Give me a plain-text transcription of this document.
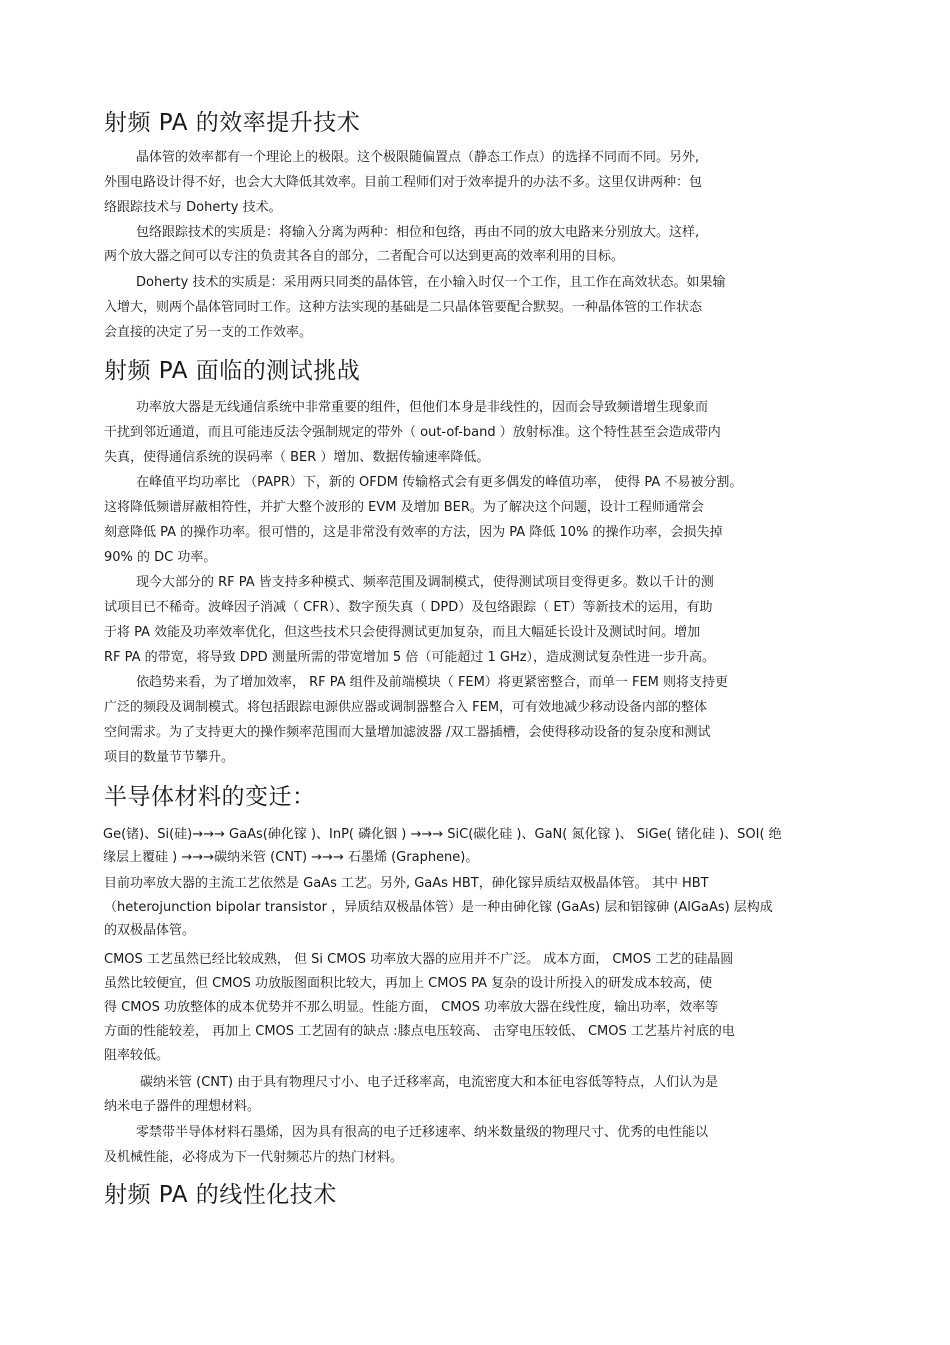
射频 PA 的效率提升技术

晶体管的效率都有一个理论上的极限。这个极限随偏置点（静态工作点）的选择不同而不同。另外,

外围电路设计得不好，也会大大降低其效率。目前工程师们对于效率提升的办法不多。这里仅讲两种：包

络跟踪技术与 Doherty 技术。

包络跟踪技术的实质是：将输入分离为两种：相位和包络，再由不同的放大电路来分别放大。这样,

两个放大器之间可以专注的负责其各自的部分，二者配合可以达到更高的效率利用的目标。

Doherty 技术的实质是：采用两只同类的晶体管，在小输入时仅一个工作，且工作在高效状态。如果输

入增大，则两个晶体管同时工作。这种方法实现的基础是二只晶体管要配合默契。一种晶体管的工作状态

会直接的决定了另一支的工作效率。

射频 PA 面临的测试挑战

功率放大器是无线通信系统中非常重要的组件，但他们本身是非线性的，因而会导致频谱增生现象而

干扰到邻近通道，而且可能违反法令强制规定的带外（ out-of-band ）放射标准。这个特性甚至会造成带内

失真，使得通信系统的误码率（ BER ）增加、数据传输速率降低。

在峰值平均功率比 （PAPR）下，新的 OFDM 传输格式会有更多偶发的峰值功率， 使得 PA 不易被分割。

这将降低频谱屏蔽相符性，并扩大整个波形的 EVM 及增加 BER。为了解决这个问题，设计工程师通常会

刻意降低 PA 的操作功率。很可惜的，这是非常没有效率的方法，因为 PA 降低 10% 的操作功率，会损失掉

90% 的 DC 功率。

现今大部分的 RF PA 皆支持多种模式、频率范围及调制模式，使得测试项目变得更多。数以千计的测

试项目已不稀奇。波峰因子消减（ CFR）、数字预失真（ DPD）及包络跟踪（ ET）等新技术的运用，有助

于将 PA 效能及功率效率优化，但这些技术只会使得测试更加复杂，而且大幅延长设计及测试时间。增加

RF PA 的带宽，将导致 DPD 测量所需的带宽增加 5 倍（可能超过 1 GHz），造成测试复杂性进一步升高。

依趋势来看，为了增加效率， RF PA 组件及前端模块（ FEM）将更紧密整合，而单一 FEM 则将支持更

广泛的频段及调制模式。将包括跟踪电源供应器或调制器整合入 FEM，可有效地减少移动设备内部的整体

空间需求。为了支持更大的操作频率范围而大量增加滤波器 /双工器插槽，会使得移动设备的复杂度和测试

项目的数量节节攀升。

半导体材料的变迁：

Ge(锗)、Si(硅)→→→ GaAs(砷化镓 )、InP( 磷化铟 ) →→→ SiC(碳化硅 )、GaN( 氮化镓 )、 SiGe( 锗化硅 )、SOI( 绝

缘层上覆硅 ) →→→碳纳米管 (CNT) →→→ 石墨烯 (Graphene)。

目前功率放大器的主流工艺依然是 GaAs 工艺。另外, GaAs HBT，砷化镓异质结双极晶体管。 其中 HBT

（heterojunction bipolar transistor ，异质结双极晶体管）是一种由砷化镓 (GaAs) 层和铝镓砷 (AlGaAs) 层构成

的双极晶体管。

CMOS 工艺虽然已经比较成熟， 但 Si CMOS 功率放大器的应用并不广泛。 成本方面， CMOS 工艺的硅晶圆

虽然比较便宜，但 CMOS 功放版图面积比较大，再加上 CMOS PA 复杂的设计所投入的研发成本较高，使

得 CMOS 功放整体的成本优势并不那么明显。性能方面， CMOS 功率放大器在线性度，输出功率，效率等

方面的性能较差， 再加上 CMOS 工艺固有的缺点 :膝点电压较高、 击穿电压较低、 CMOS 工艺基片衬底的电

阻率较低。

碳纳米管 (CNT) 由于具有物理尺寸小、电子迁移率高，电流密度大和本征电容低等特点，人们认为是

纳米电子器件的理想材料。

零禁带半导体材料石墨烯，因为具有很高的电子迁移速率、纳米数量级的物理尺寸、优秀的电性能以

及机械性能，必将成为下一代射频芯片的热门材料。

射频 PA 的线性化技术
